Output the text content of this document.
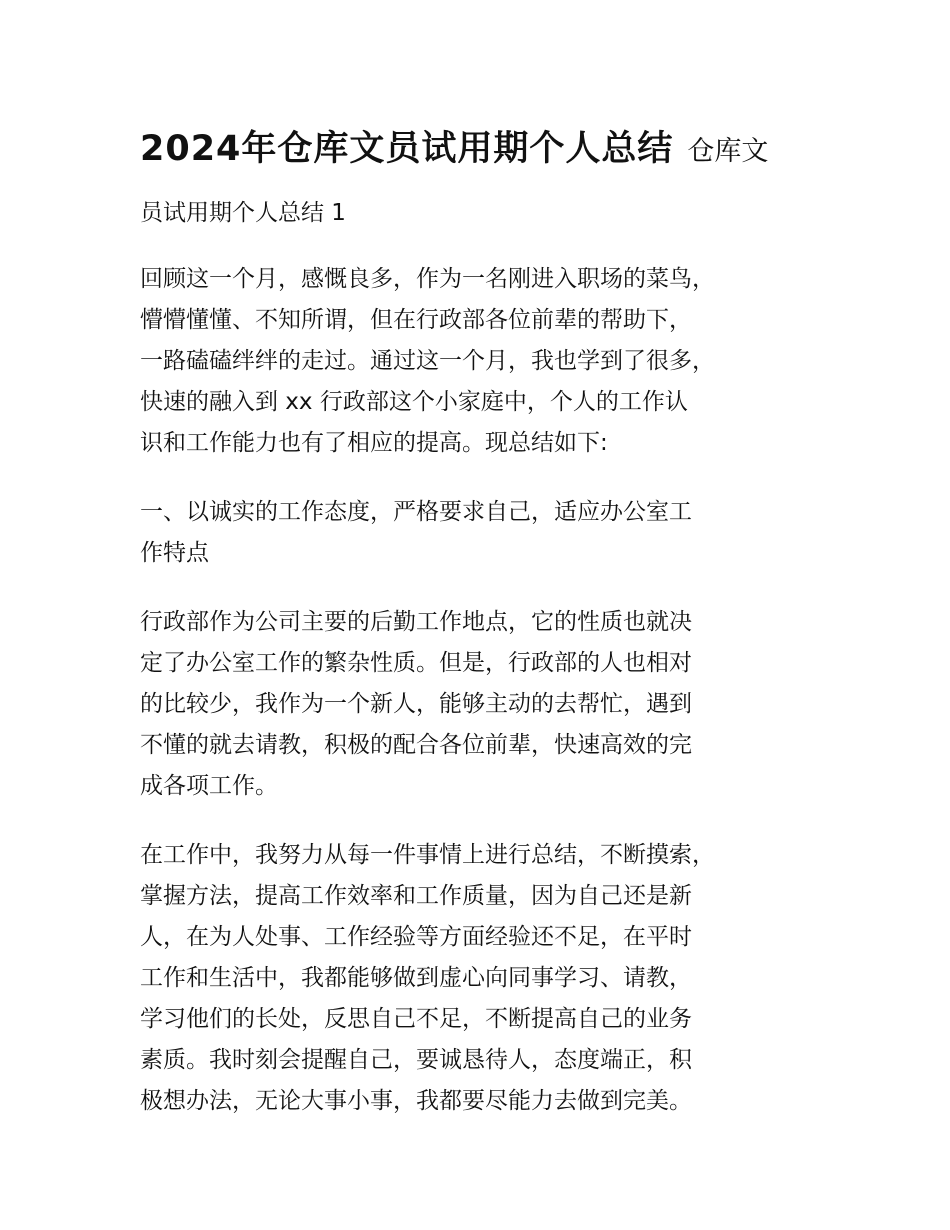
2024年仓库文员试用期个人总结 仓库文
员试用期个人总结 1
回顾这一个月，感慨良多，作为一名刚进入职场的菜鸟，
懵懵懂懂、不知所谓，但在行政部各位前辈的帮助下，
一路磕磕绊绊的走过。通过这一个月，我也学到了很多，
快速的融入到 xx 行政部这个小家庭中，个人的工作认
识和工作能力也有了相应的提高。现总结如下:
一、以诚实的工作态度，严格要求自己，适应办公室工
作特点
行政部作为公司主要的后勤工作地点，它的性质也就决
定了办公室工作的繁杂性质。但是，行政部的人也相对
的比较少，我作为一个新人，能够主动的去帮忙，遇到
不懂的就去请教，积极的配合各位前辈，快速高效的完
成各项工作。
在工作中，我努力从每一件事情上进行总结，不断摸索，
掌握方法，提高工作效率和工作质量，因为自己还是新
人，在为人处事、工作经验等方面经验还不足，在平时
工作和生活中，我都能够做到虚心向同事学习、请教，
学习他们的长处，反思自己不足，不断提高自己的业务
素质。我时刻会提醒自己，要诚恳待人，态度端正，积
极想办法，无论大事小事，我都要尽能力去做到完美。
